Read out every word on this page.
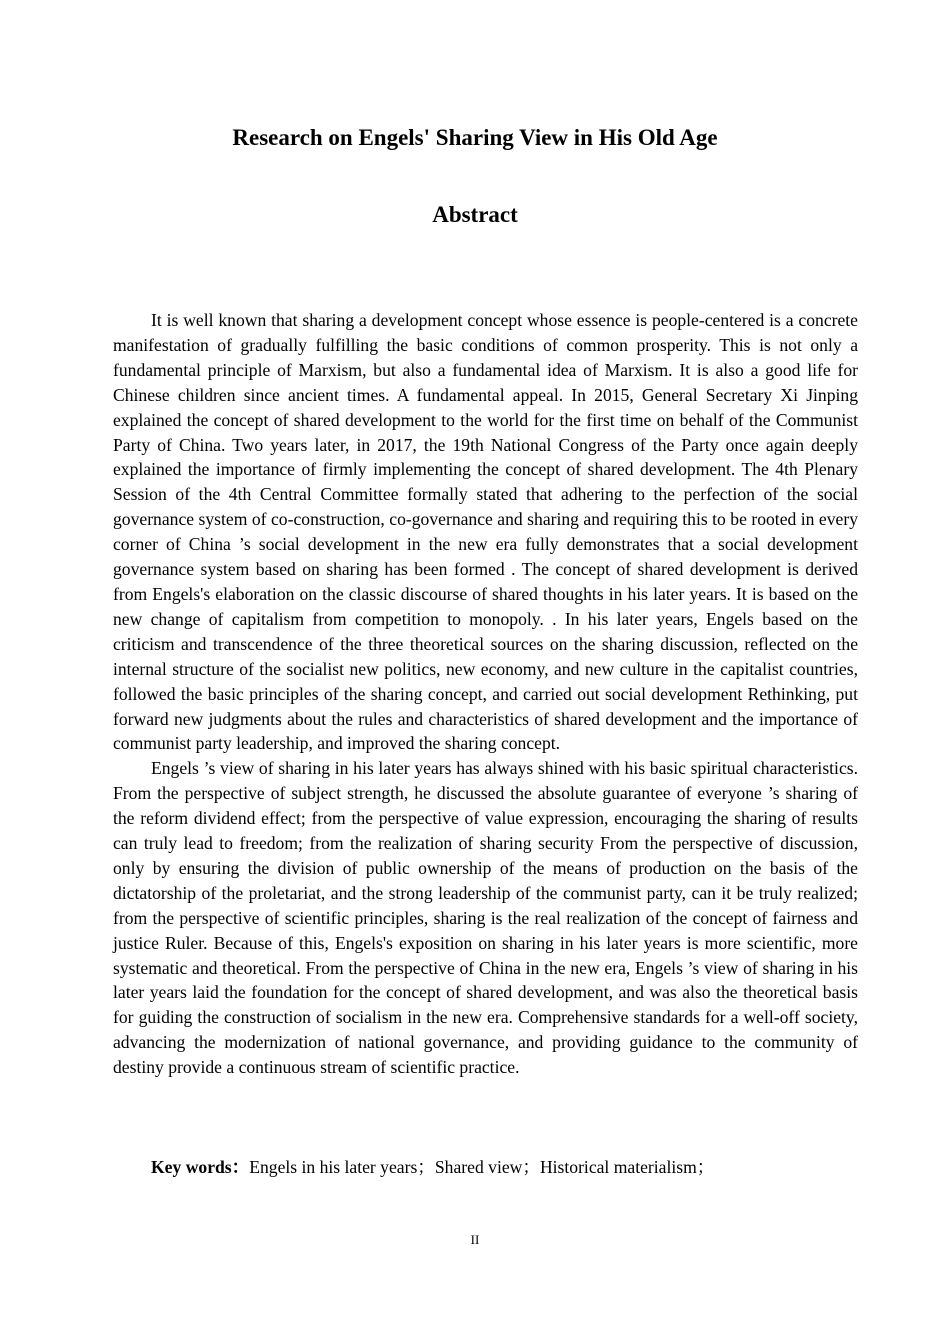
Research on Engels' Sharing View in His Old Age
Abstract

It is well known that sharing a development concept whose essence is people-centered is a concrete manifestation of gradually fulfilling the basic conditions of common prosperity. This is not only a fundamental principle of Marxism, but also a fundamental idea of Marxism. It is also a good life for Chinese children since ancient times. A fundamental appeal. In 2015, General Secretary Xi Jinping explained the concept of shared development to the world for the first time on behalf of the Communist Party of China. Two years later, in 2017, the 19th National Congress of the Party once again deeply explained the importance of firmly implementing the concept of shared development. The 4th Plenary Session of the 4th Central Committee formally stated that adhering to the perfection of the social governance system of co-construction, co-governance and sharing and requiring this to be rooted in every corner of China ’s social development in the new era fully demonstrates that a social development governance system based on sharing has been formed . The concept of shared development is derived from Engels's elaboration on the classic discourse of shared thoughts in his later years. It is based on the new change of capitalism from competition to monopoly. . In his later years, Engels based on the criticism and transcendence of the three theoretical sources on the sharing discussion, reflected on the internal structure of the socialist new politics, new economy, and new culture in the capitalist countries, followed the basic principles of the sharing concept, and carried out social development Rethinking, put forward new judgments about the rules and characteristics of shared development and the importance of communist party leadership, and improved the sharing concept.

Engels ’s view of sharing in his later years has always shined with his basic spiritual characteristics. From the perspective of subject strength, he discussed the absolute guarantee of everyone ’s sharing of the reform dividend effect; from the perspective of value expression, encouraging the sharing of results can truly lead to freedom; from the realization of sharing security From the perspective of discussion, only by ensuring the division of public ownership of the means of production on the basis of the dictatorship of the proletariat, and the strong leadership of the communist party, can it be truly realized; from the perspective of scientific principles, sharing is the real realization of the concept of fairness and justice Ruler. Because of this, Engels's exposition on sharing in his later years is more scientific, more systematic and theoretical. From the perspective of China in the new era, Engels ’s view of sharing in his later years laid the foundation for the concept of shared development, and was also the theoretical basis for guiding the construction of socialism in the new era. Comprehensive standards for a well-off society, advancing the modernization of national governance, and providing guidance to the community of destiny provide a continuous stream of scientific practice.

Key words：Engels in his later years；Shared view；Historical materialism；
II
